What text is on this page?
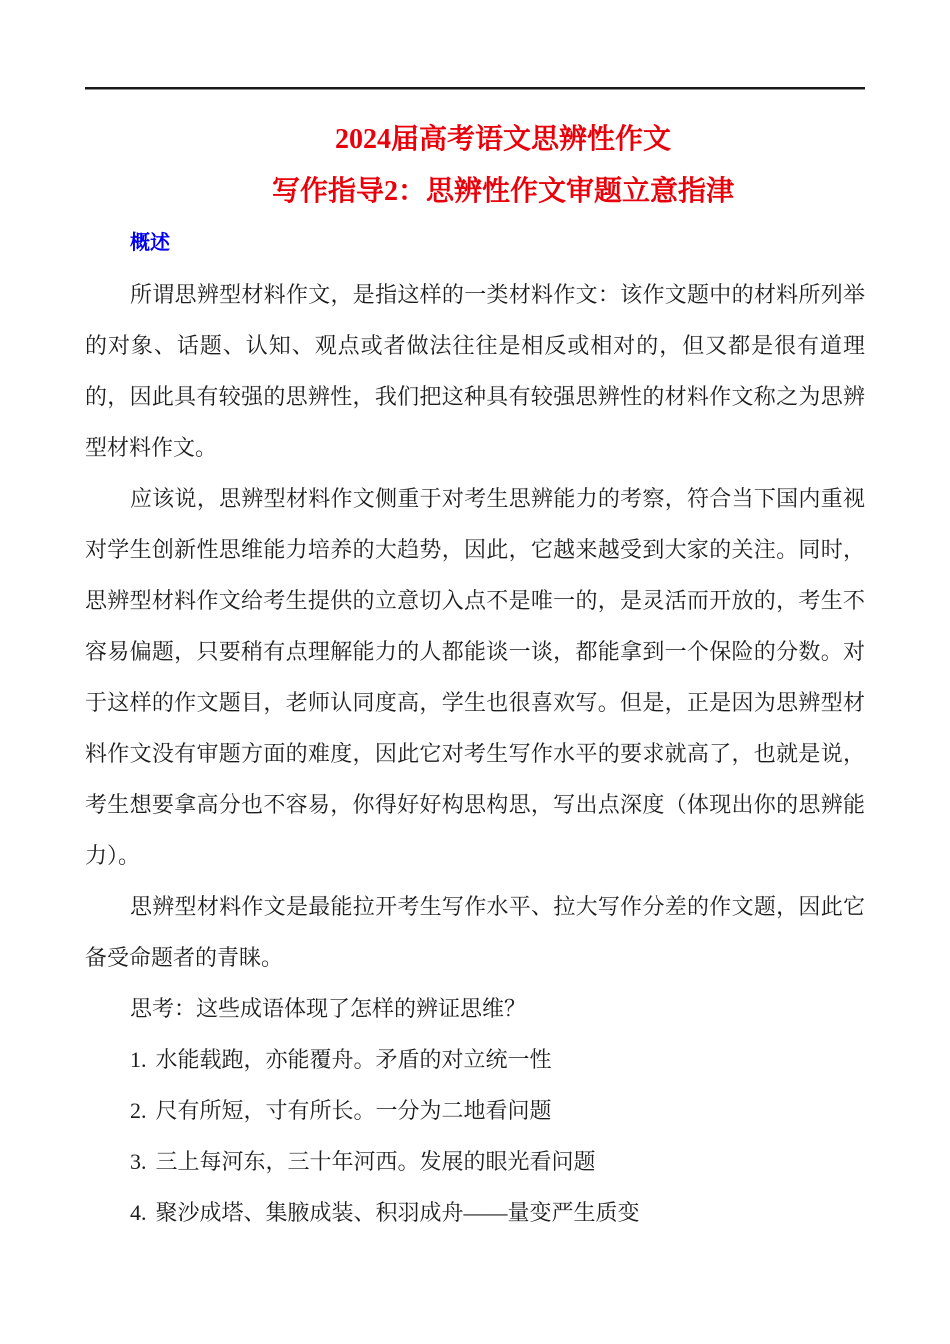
2024届高考语文思辨性作文
写作指导2：思辨性作文审题立意指津
概述

所谓思辨型材料作文，是指这样的一类材料作文：该作文题中的材料所列举的对象、话题、认知、观点或者做法往往是相反或相对的，但又都是很有道理的，因此具有较强的思辨性，我们把这种具有较强思辨性的材料作文称之为思辨型材料作文。

应该说，思辨型材料作文侧重于对考生思辨能力的考察，符合当下国内重视对学生创新性思维能力培养的大趋势，因此，它越来越受到大家的关注。同时，思辨型材料作文给考生提供的立意切入点不是唯一的，是灵活而开放的，考生不容易偏题，只要稍有点理解能力的人都能谈一谈，都能拿到一个保险的分数。对于这样的作文题目，老师认同度高，学生也很喜欢写。但是，正是因为思辨型材料作文没有审题方面的难度，因此它对考生写作水平的要求就高了，也就是说，考生想要拿高分也不容易，你得好好构思构思，写出点深度（体现出你的思辨能力）。

思辨型材料作文是最能拉开考生写作水平、拉大写作分差的作文题，因此它备受命题者的青睐。

思考：这些成语体现了怎样的辨证思维？

1. 水能载跑，亦能覆舟。矛盾的对立统一性

2. 尺有所短，寸有所长。一分为二地看问题

3. 三上每河东，三十年河西。发展的眼光看问题

4. 聚沙成塔、集腋成装、积羽成舟——量变严生质变
